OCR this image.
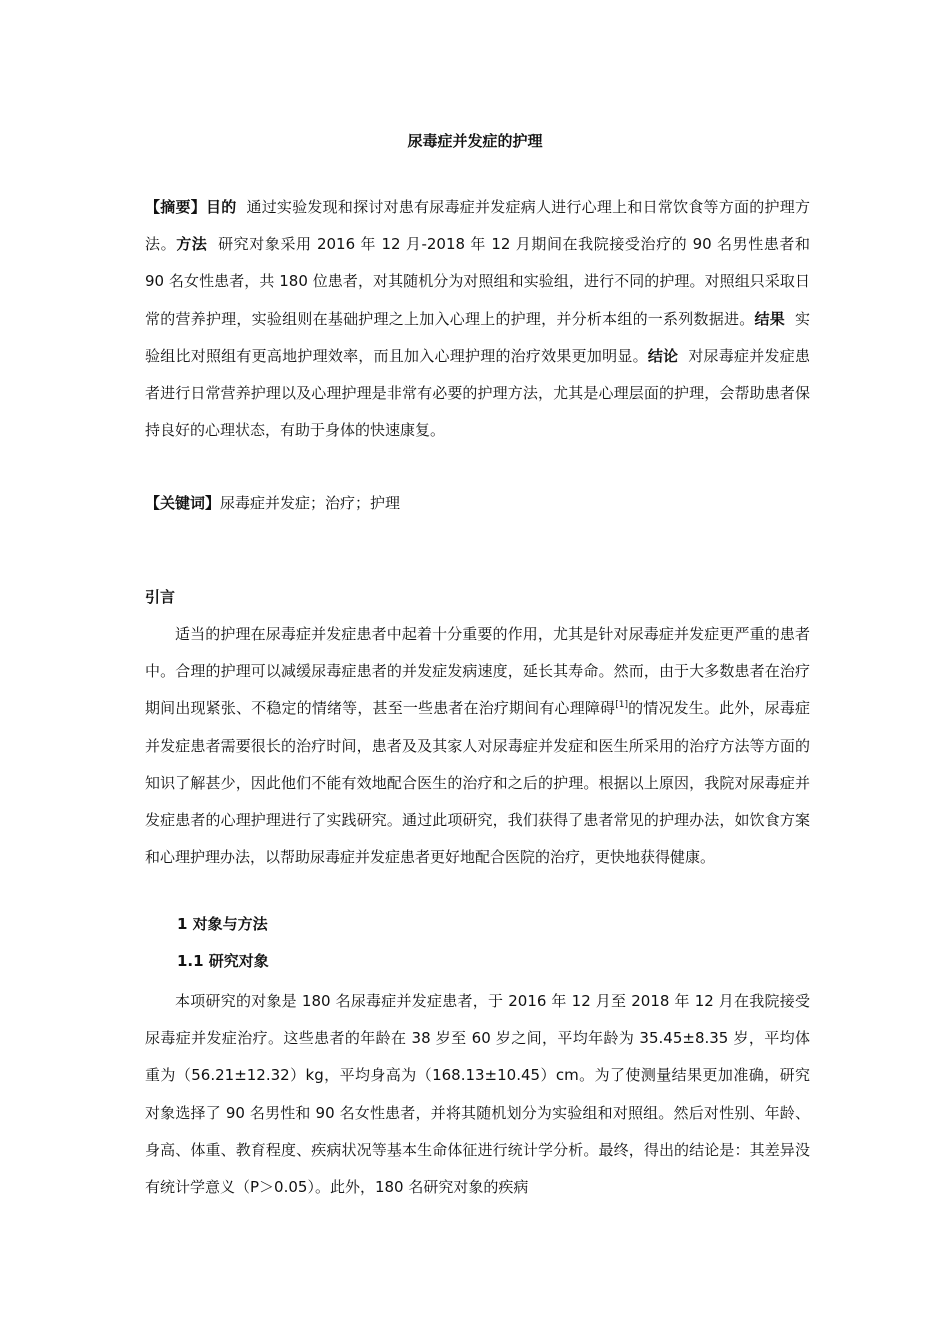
尿毒症并发症的护理
【摘要】目的 通过实验发现和探讨对患有尿毒症并发症病人进行心理上和日常饮食等方面的护理方法。方法 研究对象采用 2016 年 12 月-2018 年 12 月期间在我院接受治疗的 90 名男性患者和 90 名女性患者，共 180 位患者，对其随机分为对照组和实验组，进行不同的护理。对照组只采取日常的营养护理，实验组则在基础护理之上加入心理上的护理，并分析本组的一系列数据进。结果 实验组比对照组有更高地护理效率，而且加入心理护理的治疗效果更加明显。结论 对尿毒症并发症患者进行日常营养护理以及心理护理是非常有必要的护理方法，尤其是心理层面的护理，会帮助患者保持良好的心理状态，有助于身体的快速康复。
【关键词】尿毒症并发症；治疗；护理
引言
适当的护理在尿毒症并发症患者中起着十分重要的作用，尤其是针对尿毒症并发症更严重的患者中。合理的护理可以减缓尿毒症患者的并发症发病速度，延长其寿命。然而，由于大多数患者在治疗期间出现紧张、不稳定的情绪等，甚至一些患者在治疗期间有心理障碍[1]的情况发生。此外，尿毒症并发症患者需要很长的治疗时间，患者及及其家人对尿毒症并发症和医生所采用的治疗方法等方面的知识了解甚少，因此他们不能有效地配合医生的治疗和之后的护理。根据以上原因，我院对尿毒症并发症患者的心理护理进行了实践研究。通过此项研究，我们获得了患者常见的护理办法，如饮食方案和心理护理办法，以帮助尿毒症并发症患者更好地配合医院的治疗，更快地获得健康。
1 对象与方法
1.1 研究对象
本项研究的对象是 180 名尿毒症并发症患者，于 2016 年 12 月至 2018 年 12 月在我院接受尿毒症并发症治疗。这些患者的年龄在 38 岁至 60 岁之间，平均年龄为 35.45±8.35 岁，平均体重为（56.21±12.32）kg，平均身高为（168.13±10.45）cm。为了使测量结果更加准确，研究对象选择了 90 名男性和 90 名女性患者，并将其随机划分为实验组和对照组。然后对性别、年龄、身高、体重、教育程度、疾病状况等基本生命体征进行统计学分析。最终，得出的结论是：其差异没有统计学意义（P＞0.05）。此外，180 名研究对象的疾病
